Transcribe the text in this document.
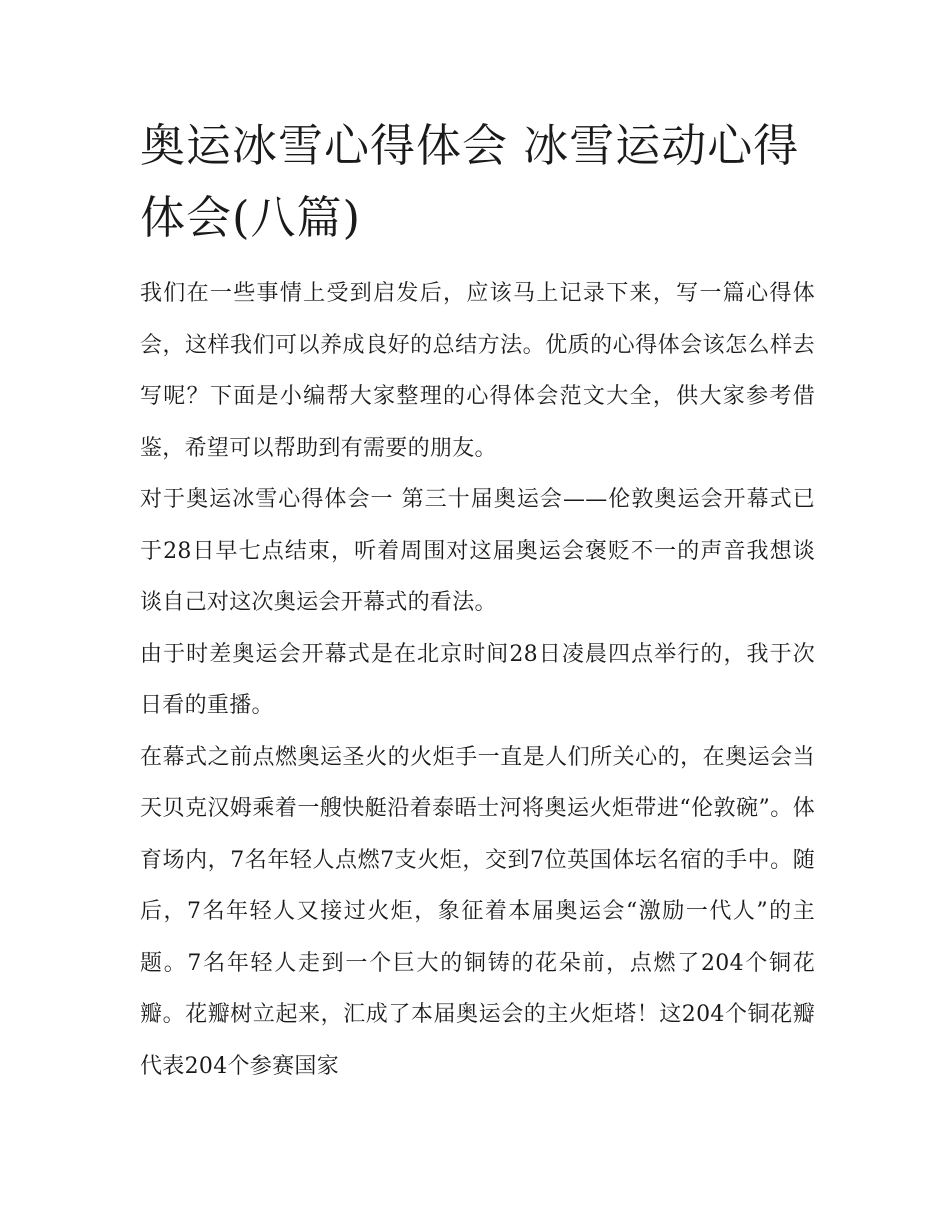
奥运冰雪心得体会 冰雪运动心得体会(八篇)

我们在一些事情上受到启发后，应该马上记录下来，写一篇心得体会，这样我们可以养成良好的总结方法。优质的心得体会该怎么样去写呢？下面是小编帮大家整理的心得体会范文大全，供大家参考借鉴，希望可以帮助到有需要的朋友。

对于奥运冰雪心得体会一 第三十届奥运会——伦敦奥运会开幕式已于28日早七点结束，听着周围对这届奥运会褒贬不一的声音我想谈谈自己对这次奥运会开幕式的看法。

由于时差奥运会开幕式是在北京时间28日凌晨四点举行的，我于次日看的重播。

在幕式之前点燃奥运圣火的火炬手一直是人们所关心的，在奥运会当天贝克汉姆乘着一艘快艇沿着泰晤士河将奥运火炬带进“伦敦碗”。体育场内，7名年轻人点燃7支火炬，交到7位英国体坛名宿的手中。随后，7名年轻人又接过火炬，象征着本届奥运会“激励一代人”的主题。7名年轻人走到一个巨大的铜铸的花朵前，点燃了204个铜花瓣。花瓣树立起来，汇成了本届奥运会的主火炬塔！这204个铜花瓣代表204个参赛国家
